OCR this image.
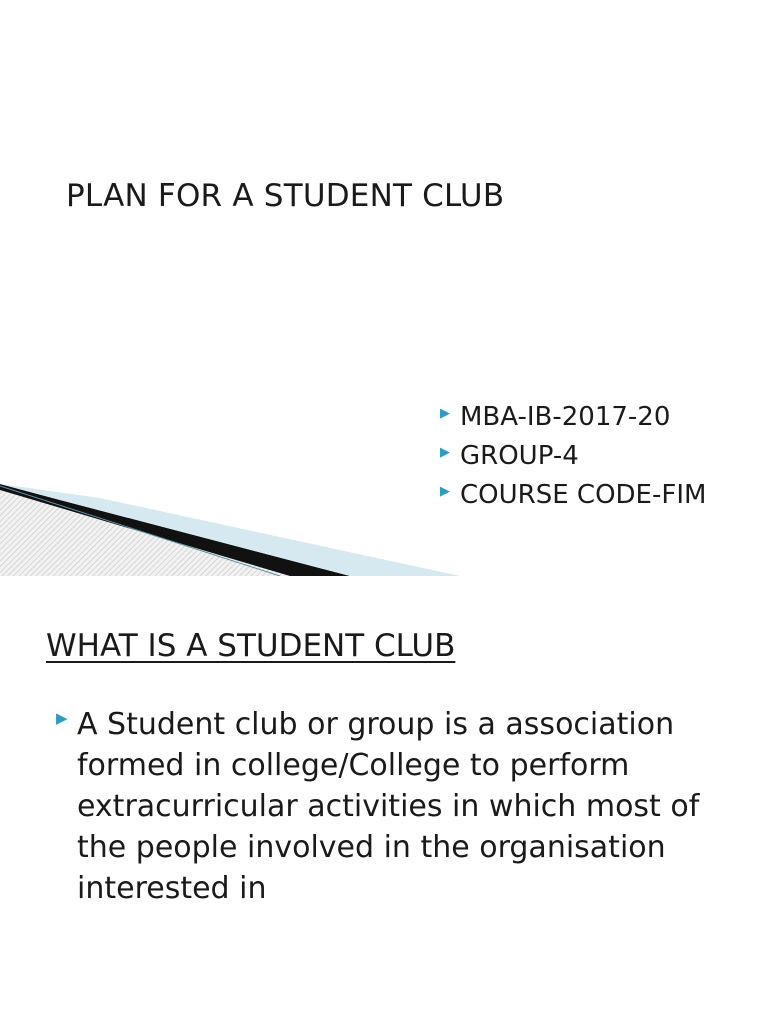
PLAN FOR A STUDENT CLUB
▶ MBA-IB-2017-20
▶ GROUP-4
▶ COURSE CODE-FIM
WHAT IS A STUDENT CLUB
▶ A Student club or group is a association formed in college/College to perform extracurricular activities in which most of the people involved in the organisation interested in
